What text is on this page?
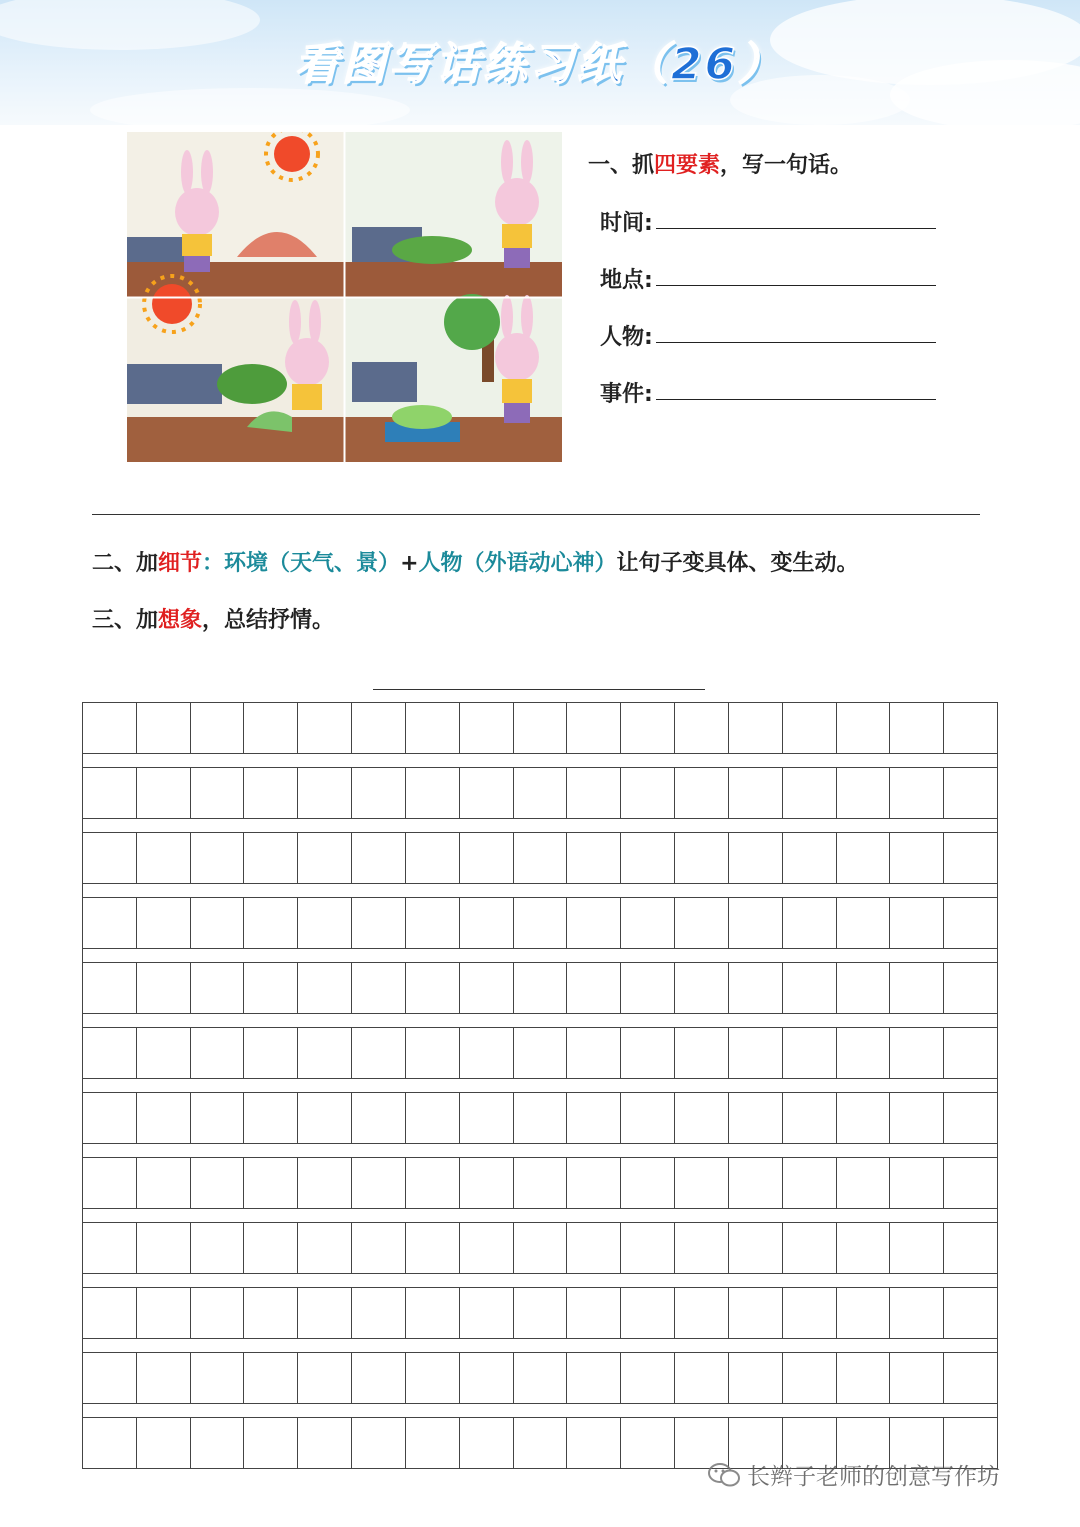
看图写话练习纸（26）
一、抓四要素，写一句话。
时间:
地点:
人物:
事件:
二、加细节：环境（天气、景）+人物（外语动心神）让句子变具体、变生动。
三、加想象，总结抒情。
长辫子老师的创意写作坊
